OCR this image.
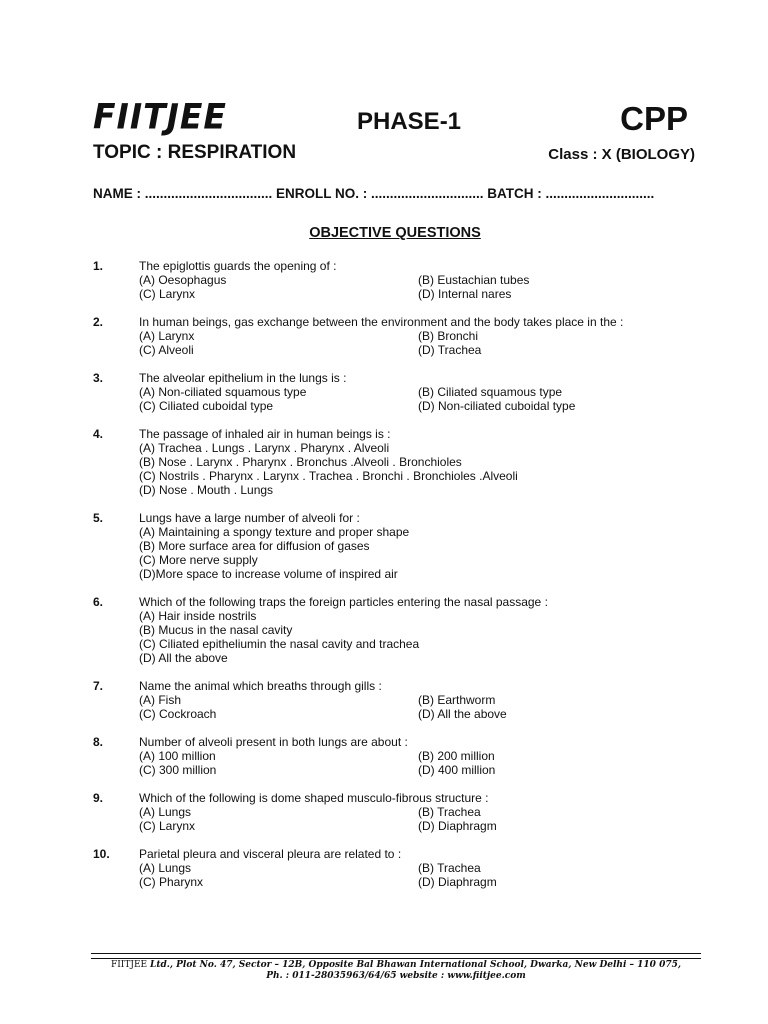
FIITJEE	PHASE-1	CPP
TOPIC : RESPIRATION	Class : X (BIOLOGY)
NAME : .................................. ENROLL NO. : .............................. BATCH : .............................
OBJECTIVE QUESTIONS
1.	The epiglottis guards the opening of :
(A) Oesophagus	(B) Eustachian tubes
(C) Larynx	(D) Internal nares
2.	In human beings, gas exchange between the environment and the body takes place in the :
(A) Larynx	(B) Bronchi
(C) Alveoli	(D) Trachea
3.	The alveolar epithelium in the lungs is :
(A) Non-ciliated squamous type	(B) Ciliated squamous type
(C) Ciliated cuboidal type	(D) Non-ciliated cuboidal type
4.	The passage of inhaled air in human beings is :
(A) Trachea . Lungs . Larynx . Pharynx . Alveoli
(B) Nose . Larynx . Pharynx . Bronchus .Alveoli . Bronchioles
(C) Nostrils . Pharynx . Larynx . Trachea . Bronchi . Bronchioles .Alveoli
(D) Nose . Mouth . Lungs
5.	Lungs have a large number of alveoli for :
(A) Maintaining a spongy texture and proper shape
(B) More surface area for diffusion of gases
(C) More nerve supply
(D)More space to increase volume of inspired air
6.	Which of the following traps the foreign particles entering the nasal passage :
(A) Hair inside nostrils
(B) Mucus in the nasal cavity
(C) Ciliated epitheliumin the nasal cavity and trachea
(D) All the above
7.	Name the animal which breaths through gills :
(A) Fish	(B) Earthworm
(C) Cockroach	(D) All the above
8.	Number of alveoli present in both lungs are about :
(A) 100 million	(B) 200 million
(C) 300 million	(D) 400 million
9.	Which of the following is dome shaped musculo-fibrous structure :
(A) Lungs	(B) Trachea
(C) Larynx	(D) Diaphragm
10. Parietal pleura and visceral pleura are related to :
(A) Lungs	(B) Trachea
(C) Pharynx	(D) Diaphragm
FIITJEE Ltd., Plot No. 47, Sector – 12B, Opposite Bal Bhawan International School, Dwarka, New Delhi – 110 075,
Ph. : 011-28035963/64/65 website : www.fiitjee.com
